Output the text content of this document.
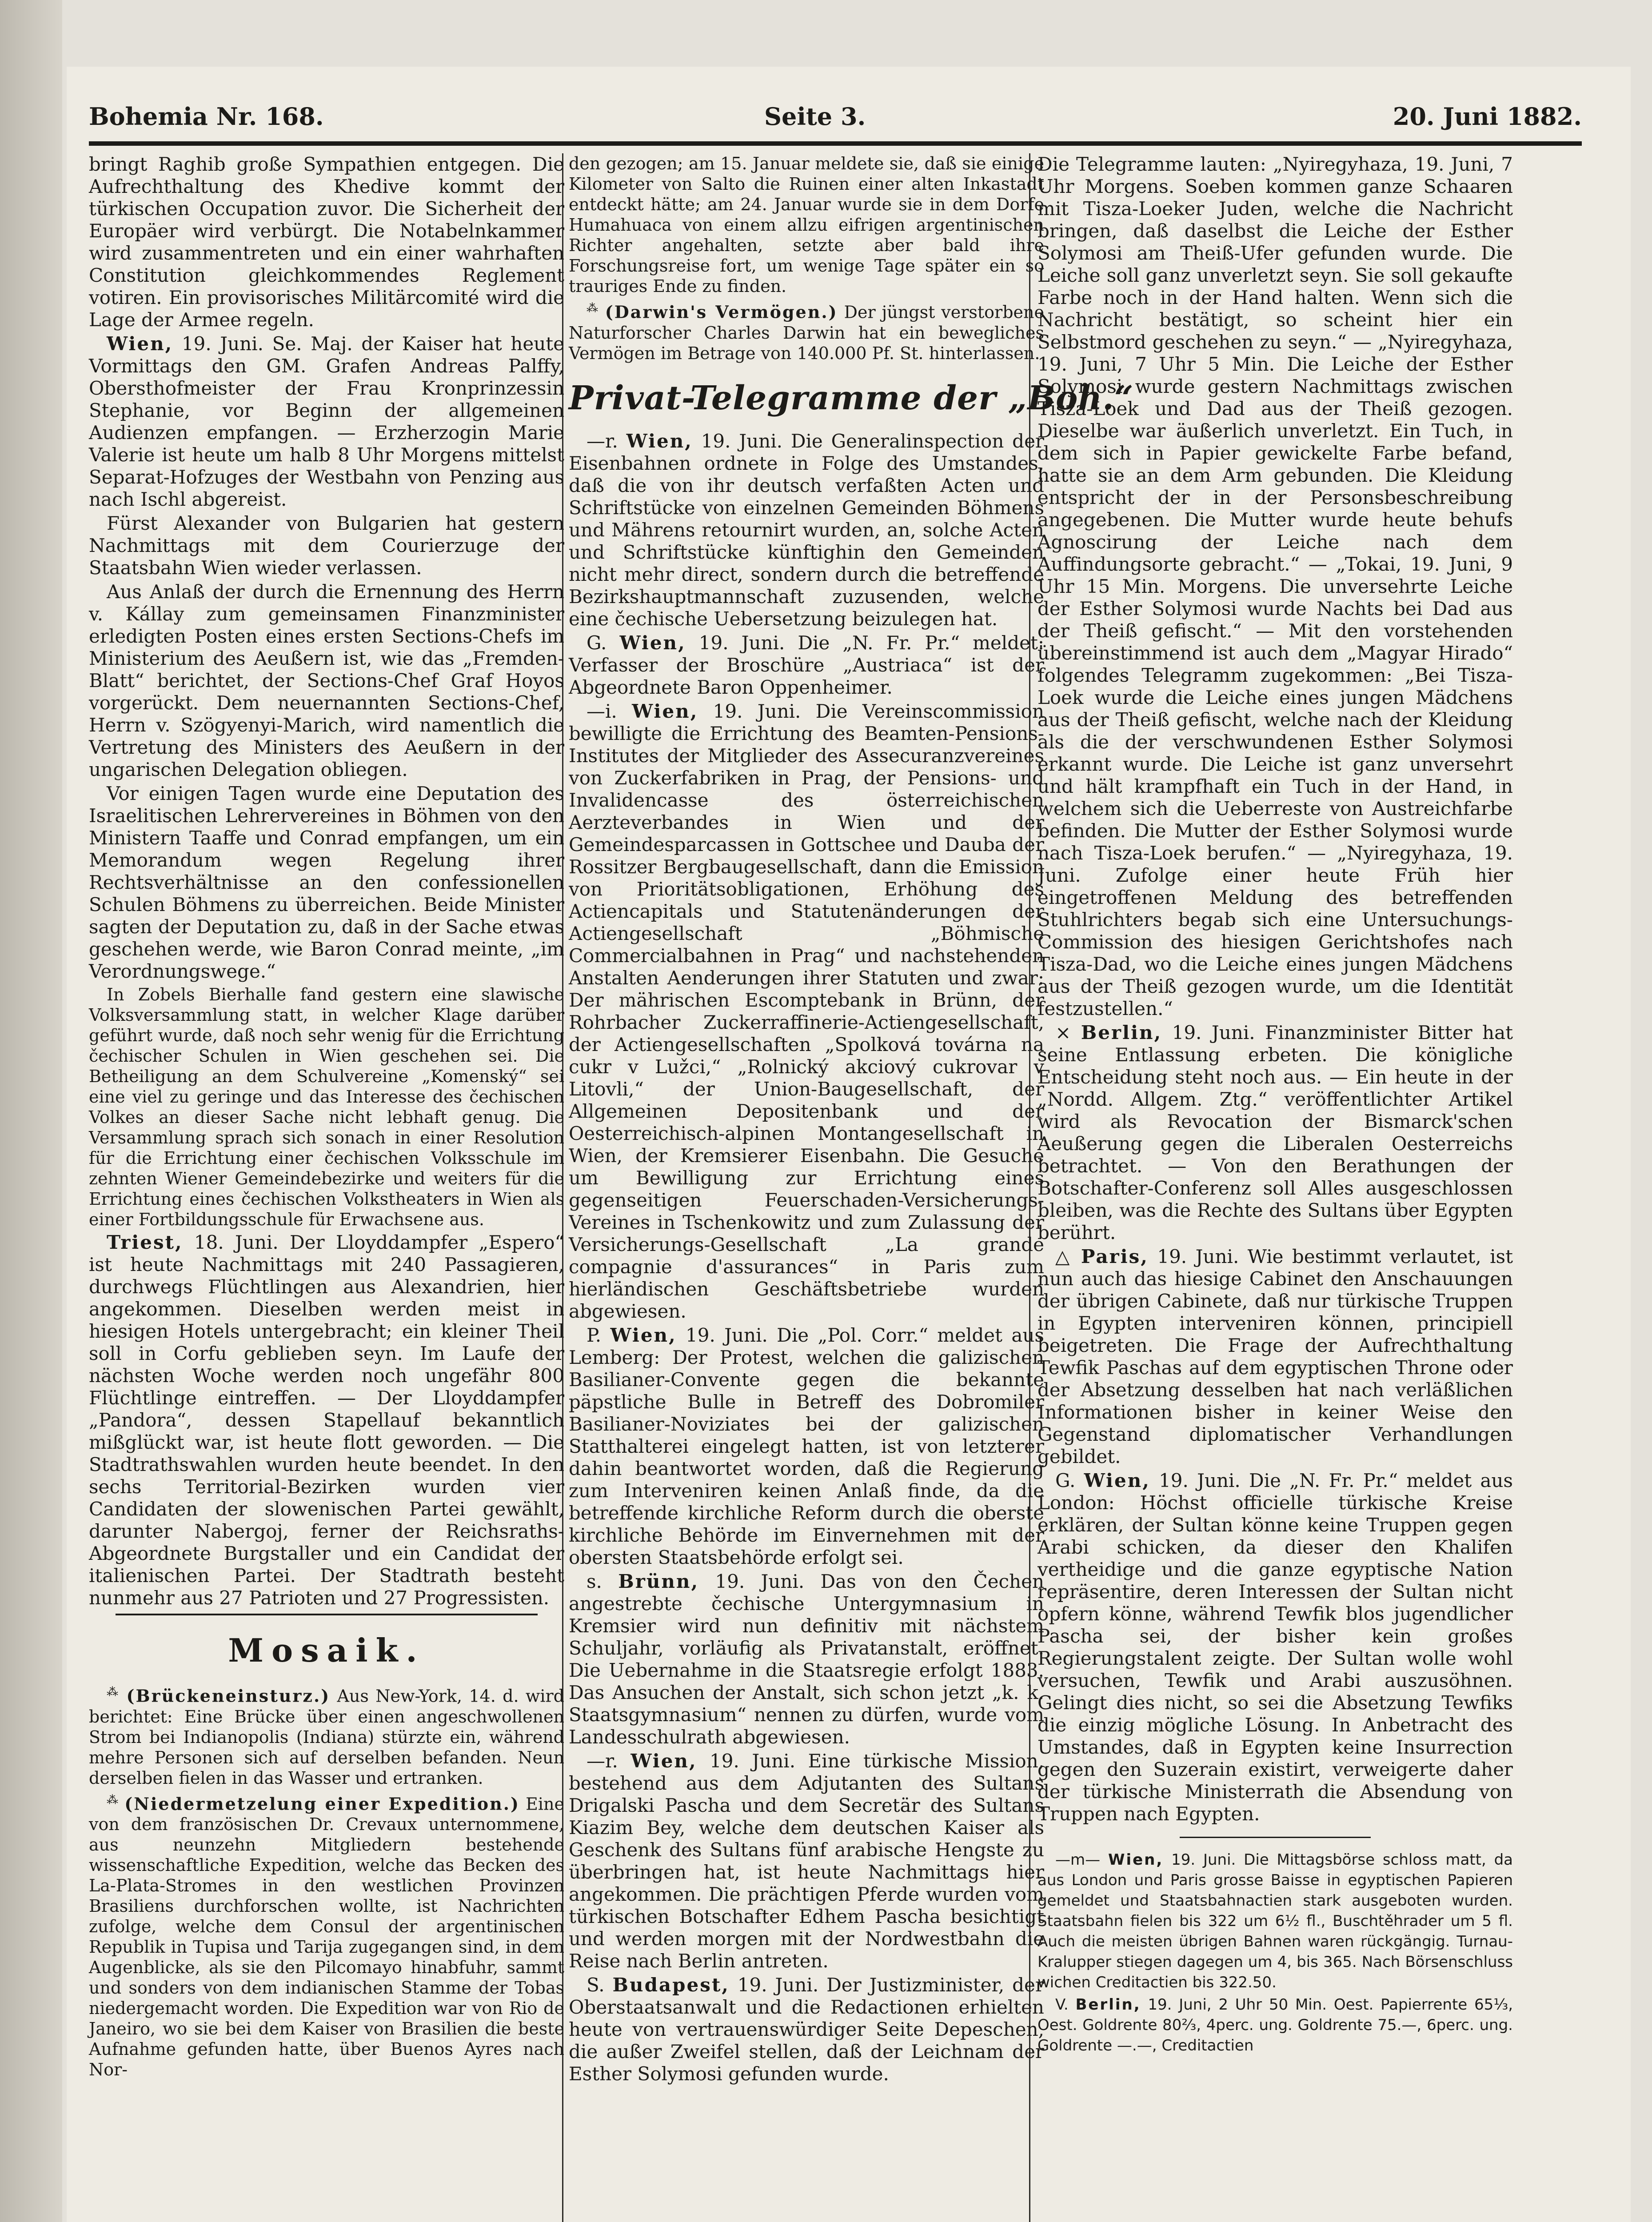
Bohemia Nr. 168.	Seite 3.	20. Juni 1882.

bringt Raghib große Sympathien entgegen. Die Aufrechthaltung des Khedive kommt der türkischen Occupation zuvor. Die Sicherheit der Europäer wird verbürgt. Die Notabelnkammer wird zusammentreten und ein einer wahrhaften Constitution gleichkommendes Reglement votiren. Ein provisorisches Militärcomité wird die Lage der Armee regeln.

Wien, 19. Juni. Se. Maj. der Kaiser hat heute Vormittags den GM. Grafen Andreas Palffy, Obersthofmeister der Frau Kronprinzessin Stephanie, vor Beginn der allgemeinen Audienzen empfangen. — Erzherzogin Marie Valerie ist heute um halb 8 Uhr Morgens mittelst Separat-Hofzuges der Westbahn von Penzing aus nach Ischl abgereist.

Fürst Alexander von Bulgarien hat gestern Nachmittags mit dem Courierzuge der Staatsbahn Wien wieder verlassen.

Aus Anlaß der durch die Ernennung des Herrn v. Kállay zum gemeinsamen Finanzminister erledigten Posten eines ersten Sections-Chefs im Ministerium des Aeußern ist, wie das „Fremden-Blatt“ berichtet, der Sections-Chef Graf Hoyos vorgerückt. Dem neuernannten Sections-Chef, Herrn v. Szögyenyi-Marich, wird namentlich die Vertretung des Ministers des Aeußern in der ungarischen Delegation obliegen.

Vor einigen Tagen wurde eine Deputation des Israelitischen Lehrervereines in Böhmen von den Ministern Taaffe und Conrad empfangen, um ein Memorandum wegen Regelung ihrer Rechtsverhältnisse an den confessionellen Schulen Böhmens zu überreichen. Beide Minister sagten der Deputation zu, daß in der Sache etwas geschehen werde, wie Baron Conrad meinte, „im Verordnungswege.“

In Zobels Bierhalle fand gestern eine slawische Volksversammlung statt, in welcher Klage darüber geführt wurde, daß noch sehr wenig für die Errichtung čechischer Schulen in Wien geschehen sei. Die Betheiligung an dem Schulvereine „Komenský“ sei eine viel zu geringe und das Interesse des čechischen Volkes an dieser Sache nicht lebhaft genug. Die Versammlung sprach sich sonach in einer Resolution für die Errichtung einer čechischen Volksschule im zehnten Wiener Gemeindebezirke und weiters für die Errichtung eines čechischen Volkstheaters in Wien als einer Fortbildungsschule für Erwachsene aus.

Triest, 18. Juni. Der Lloyddampfer „Espero“ ist heute Nachmittags mit 240 Passagieren, durchwegs Flüchtlingen aus Alexandrien, hier angekommen. Dieselben werden meist in hiesigen Hotels untergebracht; ein kleiner Theil soll in Corfu geblieben seyn. Im Laufe der nächsten Woche werden noch ungefähr 800 Flüchtlinge eintreffen. — Der Lloyddampfer „Pandora“, dessen Stapellauf bekanntlich mißglückt war, ist heute flott geworden. — Die Stadtrathswahlen wurden heute beendet. In den sechs Territorial-Bezirken wurden vier Candidaten der slowenischen Partei gewählt, darunter Nabergoj, ferner der Reichsraths-Abgeordnete Burgstaller und ein Candidat der italienischen Partei. Der Stadtrath besteht nunmehr aus 27 Patrioten und 27 Progressisten.

Mosaik.

⁂ (Brückeneinsturz.) Aus New-York, 14. d. wird berichtet: Eine Brücke über einen angeschwollenen Strom bei Indianopolis (Indiana) stürzte ein, während mehre Personen sich auf derselben befanden. Neun derselben fielen in das Wasser und ertranken.

⁂ (Niedermetzelung einer Expedition.) Eine von dem französischen Dr. Crevaux unternommene, aus neunzehn Mitgliedern bestehende wissenschaftliche Expedition, welche das Becken des La-Plata-Stromes in den westlichen Provinzen Brasiliens durchforschen wollte, ist Nachrichten zufolge, welche dem Consul der argentinischen Republik in Tupisa und Tarija zugegangen sind, in dem Augenblicke, als sie den Pilcomayo hinabfuhr, sammt und sonders von dem indianischen Stamme der Tobas niedergemacht worden. Die Expedition war von Rio de Janeiro, wo sie bei dem Kaiser von Brasilien die beste Aufnahme gefunden hatte, über Buenos Ayres nach Nor-

den gezogen; am 15. Januar meldete sie, daß sie einige Kilometer von Salto die Ruinen einer alten Inkastadt entdeckt hätte; am 24. Januar wurde sie in dem Dorfe Humahuaca von einem allzu eifrigen argentinischen Richter angehalten, setzte aber bald ihre Forschungsreise fort, um wenige Tage später ein so trauriges Ende zu finden.

⁂ (Darwin's Vermögen.) Der jüngst verstorbene Naturforscher Charles Darwin hat ein bewegliches Vermögen im Betrage von 140.000 Pf. St. hinterlassen.

Privat-Telegramme der „Boh.“

—r. Wien, 19. Juni. Die Generalinspection der Eisenbahnen ordnete in Folge des Umstandes, daß die von ihr deutsch verfaßten Acten und Schriftstücke von einzelnen Gemeinden Böhmens und Mährens retournirt wurden, an, solche Acten und Schriftstücke künftighin den Gemeinden nicht mehr direct, sondern durch die betreffende Bezirkshauptmannschaft zuzusenden, welche eine čechische Uebersetzung beizulegen hat.

G. Wien, 19. Juni. Die „N. Fr. Pr.“ meldet: Verfasser der Broschüre „Austriaca“ ist der Abgeordnete Baron Oppenheimer.

—i. Wien, 19. Juni. Die Vereinscommission bewilligte die Errichtung des Beamten-Pensions-Institutes der Mitglieder des Assecuranzvereines von Zuckerfabriken in Prag, der Pensions- und Invalidencasse des österreichischen Aerzteverbandes in Wien und der Gemeindesparcassen in Gottschee und Dauba der Rossitzer Bergbaugesellschaft, dann die Emission von Prioritätsobligationen, Erhöhung des Actiencapitals und Statutenänderungen der Actiengesellschaft „Böhmische Commercialbahnen in Prag“ und nachstehenden Anstalten Aenderungen ihrer Statuten und zwar: Der mährischen Escomptebank in Brünn, der Rohrbacher Zuckerraffinerie-Actiengesellschaft, der Actiengesellschaften „Spolková továrna na cukr v Lužci,“ „Rolnický akciový cukrovar v Litovli,“ der Union-Baugesellschaft, der Allgemeinen Depositenbank und der Oesterreichisch-alpinen Montangesellschaft in Wien, der Kremsierer Eisenbahn. Die Gesuche um Bewilligung zur Errichtung eines gegenseitigen Feuerschaden-Versicherungs-Vereines in Tschenkowitz und zum Zulassung der Versicherungs-Gesellschaft „La grande compagnie d'assurances“ in Paris zum hierländischen Geschäftsbetriebe wurden abgewiesen.

P. Wien, 19. Juni. Die „Pol. Corr.“ meldet aus Lemberg: Der Protest, welchen die galizischen Basilianer-Convente gegen die bekannte päpstliche Bulle in Betreff des Dobromiler Basilianer-Noviziates bei der galizischen Statthalterei eingelegt hatten, ist von letzterer dahin beantwortet worden, daß die Regierung zum Interveniren keinen Anlaß finde, da die betreffende kirchliche Reform durch die oberste kirchliche Behörde im Einvernehmen mit der obersten Staatsbehörde erfolgt sei.

s. Brünn, 19. Juni. Das von den Čechen angestrebte čechische Untergymnasium in Kremsier wird nun definitiv mit nächstem Schuljahr, vorläufig als Privatanstalt, eröffnet. Die Uebernahme in die Staatsregie erfolgt 1883. Das Ansuchen der Anstalt, sich schon jetzt „k. k. Staatsgymnasium“ nennen zu dürfen, wurde vom Landesschulrath abgewiesen.

—r. Wien, 19. Juni. Eine türkische Mission, bestehend aus dem Adjutanten des Sultans Drigalski Pascha und dem Secretär des Sultans Kiazim Bey, welche dem deutschen Kaiser als Geschenk des Sultans fünf arabische Hengste zu überbringen hat, ist heute Nachmittags hier angekommen. Die prächtigen Pferde wurden vom türkischen Botschafter Edhem Pascha besichtigt und werden morgen mit der Nordwestbahn die Reise nach Berlin antreten.

S. Budapest, 19. Juni. Der Justizminister, der Oberstaatsanwalt und die Redactionen erhielten heute von vertrauenswürdiger Seite Depeschen, die außer Zweifel stellen, daß der Leichnam der Esther Solymosi gefunden wurde.

Die Telegramme lauten: „Nyiregyhaza, 19. Juni, 7 Uhr Morgens. Soeben kommen ganze Schaaren mit Tisza-Loeker Juden, welche die Nachricht bringen, daß daselbst die Leiche der Esther Solymosi am Theiß-Ufer gefunden wurde. Die Leiche soll ganz unverletzt seyn. Sie soll gekaufte Farbe noch in der Hand halten. Wenn sich die Nachricht bestätigt, so scheint hier ein Selbstmord geschehen zu seyn.“ — „Nyiregyhaza, 19. Juni, 7 Uhr 5 Min. Die Leiche der Esther Solymosi wurde gestern Nachmittags zwischen Tisza-Loek und Dad aus der Theiß gezogen. Dieselbe war äußerlich unverletzt. Ein Tuch, in dem sich in Papier gewickelte Farbe befand, hatte sie an dem Arm gebunden. Die Kleidung entspricht der in der Personsbeschreibung angegebenen. Die Mutter wurde heute behufs Agnoscirung der Leiche nach dem Auffindungsorte gebracht.“ — „Tokai, 19. Juni, 9 Uhr 15 Min. Morgens. Die unversehrte Leiche der Esther Solymosi wurde Nachts bei Dad aus der Theiß gefischt.“ — Mit den vorstehenden übereinstimmend ist auch dem „Magyar Hirado“ folgendes Telegramm zugekommen: „Bei Tisza-Loek wurde die Leiche eines jungen Mädchens aus der Theiß gefischt, welche nach der Kleidung als die der verschwundenen Esther Solymosi erkannt wurde. Die Leiche ist ganz unversehrt und hält krampfhaft ein Tuch in der Hand, in welchem sich die Ueberreste von Austreichfarbe befinden. Die Mutter der Esther Solymosi wurde nach Tisza-Loek berufen.“ — „Nyiregyhaza, 19. Juni. Zufolge einer heute Früh hier eingetroffenen Meldung des betreffenden Stuhlrichters begab sich eine Untersuchungs-Commission des hiesigen Gerichtshofes nach Tisza-Dad, wo die Leiche eines jungen Mädchens aus der Theiß gezogen wurde, um die Identität festzustellen.“

× Berlin, 19. Juni. Finanzminister Bitter hat seine Entlassung erbeten. Die königliche Entscheidung steht noch aus. — Ein heute in der „Nordd. Allgem. Ztg.“ veröffentlichter Artikel wird als Revocation der Bismarck'schen Aeußerung gegen die Liberalen Oesterreichs betrachtet. — Von den Berathungen der Botschafter-Conferenz soll Alles ausgeschlossen bleiben, was die Rechte des Sultans über Egypten berührt.

△ Paris, 19. Juni. Wie bestimmt verlautet, ist nun auch das hiesige Cabinet den Anschauungen der übrigen Cabinete, daß nur türkische Truppen in Egypten interveniren können, principiell beigetreten. Die Frage der Aufrechthaltung Tewfik Paschas auf dem egyptischen Throne oder der Absetzung desselben hat nach verläßlichen Informationen bisher in keiner Weise den Gegenstand diplomatischer Verhandlungen gebildet.

G. Wien, 19. Juni. Die „N. Fr. Pr.“ meldet aus London: Höchst officielle türkische Kreise erklären, der Sultan könne keine Truppen gegen Arabi schicken, da dieser den Khalifen vertheidige und die ganze egyptische Nation repräsentire, deren Interessen der Sultan nicht opfern könne, während Tewfik blos jugendlicher Pascha sei, der bisher kein großes Regierungstalent zeigte. Der Sultan wolle wohl versuchen, Tewfik und Arabi auszusöhnen. Gelingt dies nicht, so sei die Absetzung Tewfiks die einzig mögliche Lösung. In Anbetracht des Umstandes, daß in Egypten keine Insurrection gegen den Suzerain existirt, verweigerte daher der türkische Ministerrath die Absendung von Truppen nach Egypten.

—m— Wien, 19. Juni. Die Mittagsbörse schloss matt, da aus London und Paris grosse Baisse in egyptischen Papieren gemeldet und Staatsbahnactien stark ausgeboten wurden. Staatsbahn fielen bis 322 um 6½ fl., Buschtěhrader um 5 fl. Auch die meisten übrigen Bahnen waren rückgängig. Turnau-Kralupper stiegen dagegen um 4, bis 365. Nach Börsenschluss wichen Creditactien bis 322.50.

V. Berlin, 19. Juni, 2 Uhr 50 Min. Oest. Papierrente 65⅓, Oest. Goldrente 80⅔, 4perc. ung. Goldrente 75.—, 6perc. ung. Goldrente —.—, Creditactien
